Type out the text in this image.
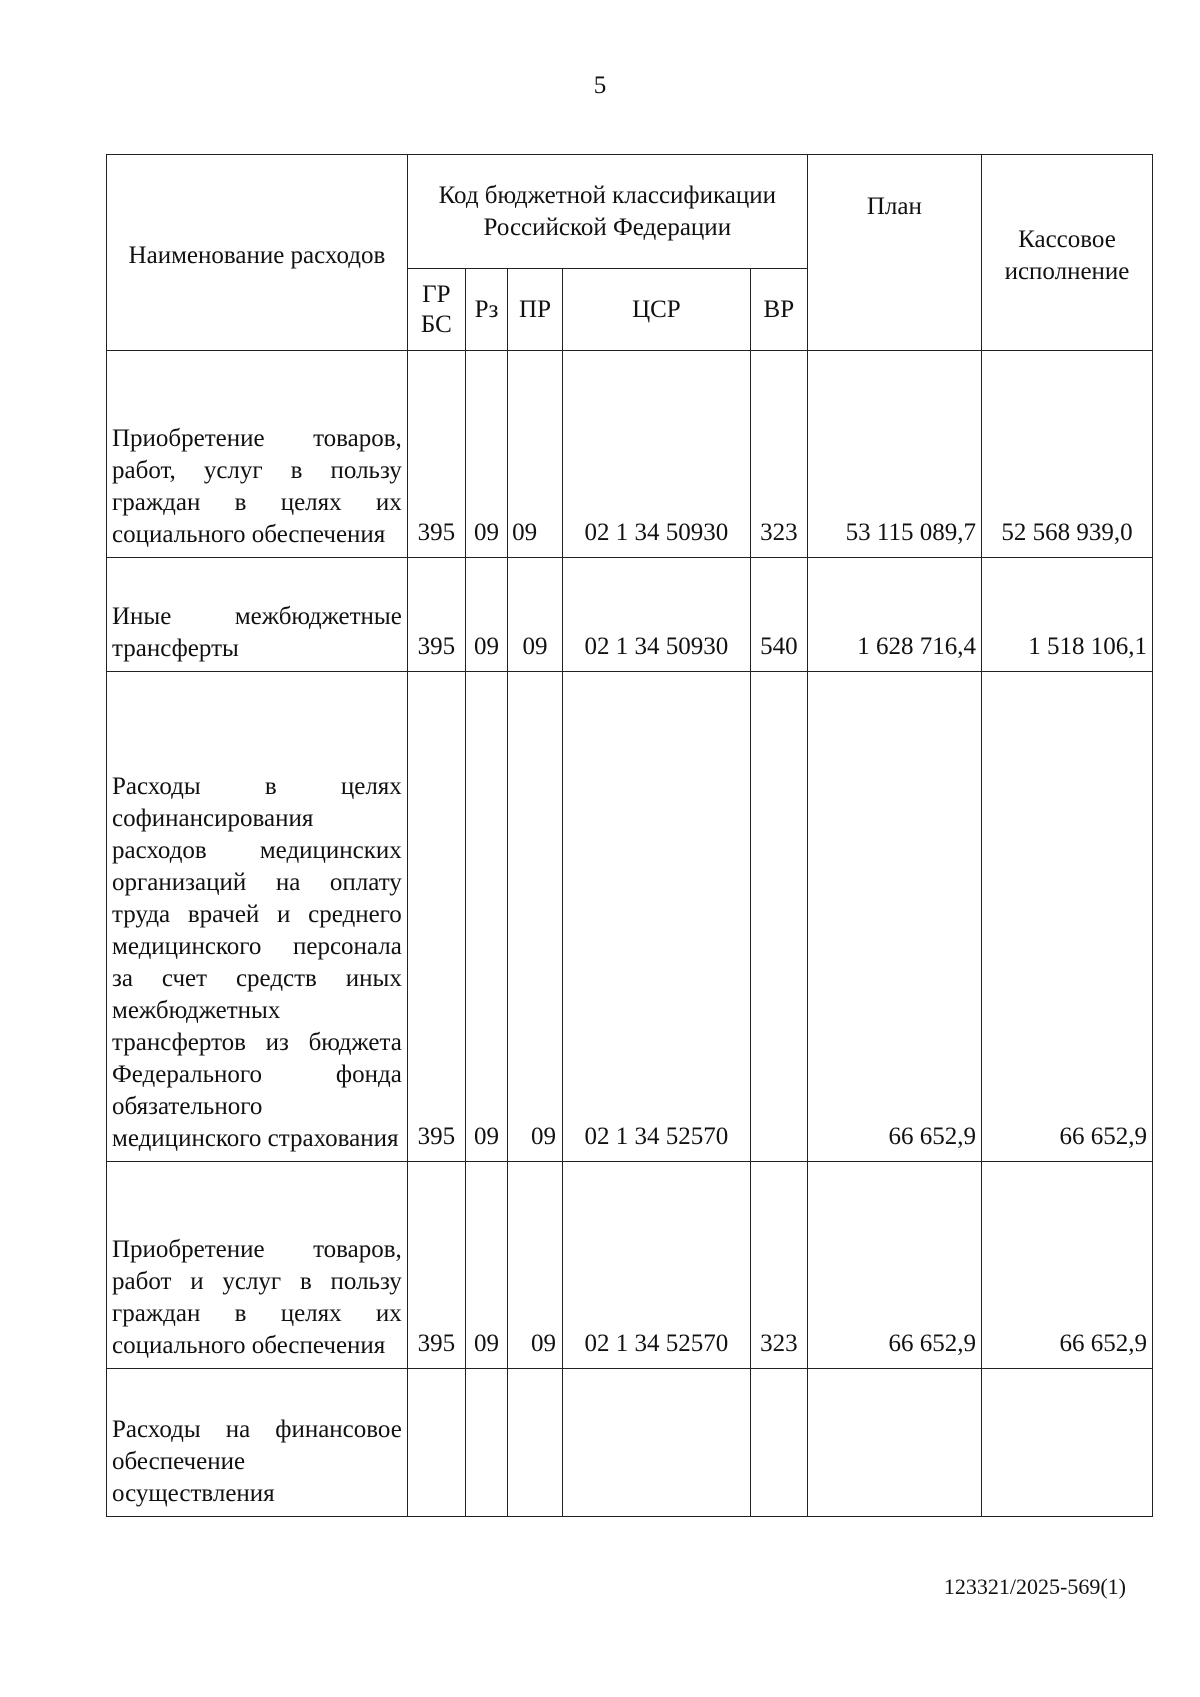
5
Наименование расходов	Код бюджетной классификации Российской Федерации					План	Кассовое исполнение
	ГР БС	Рз	ПР	ЦСР	ВР		
Приобретение товаров, работ, услуг в пользу граждан в целях их социального обеспечения	395	09	09	02 1 34 50930	323	53 115 089,7	52 568 939,0
Иные межбюджетные трансферты	395	09	09	02 1 34 50930	540	1 628 716,4	1 518 106,1
Расходы в целях софинансирования расходов медицинских организаций на оплату труда врачей и среднего медицинского персонала за счет средств иных межбюджетных трансфертов из бюджета Федерального фонда обязательного медицинского страхования	395	09	09	02 1 34 52570		66 652,9	66 652,9
Приобретение товаров, работ и услуг в пользу граждан в целях их социального обеспечения	395	09	09	02 1 34 52570	323	66 652,9	66 652,9
Расходы на финансовое обеспечение осуществления							
123321/2025-569(1)
